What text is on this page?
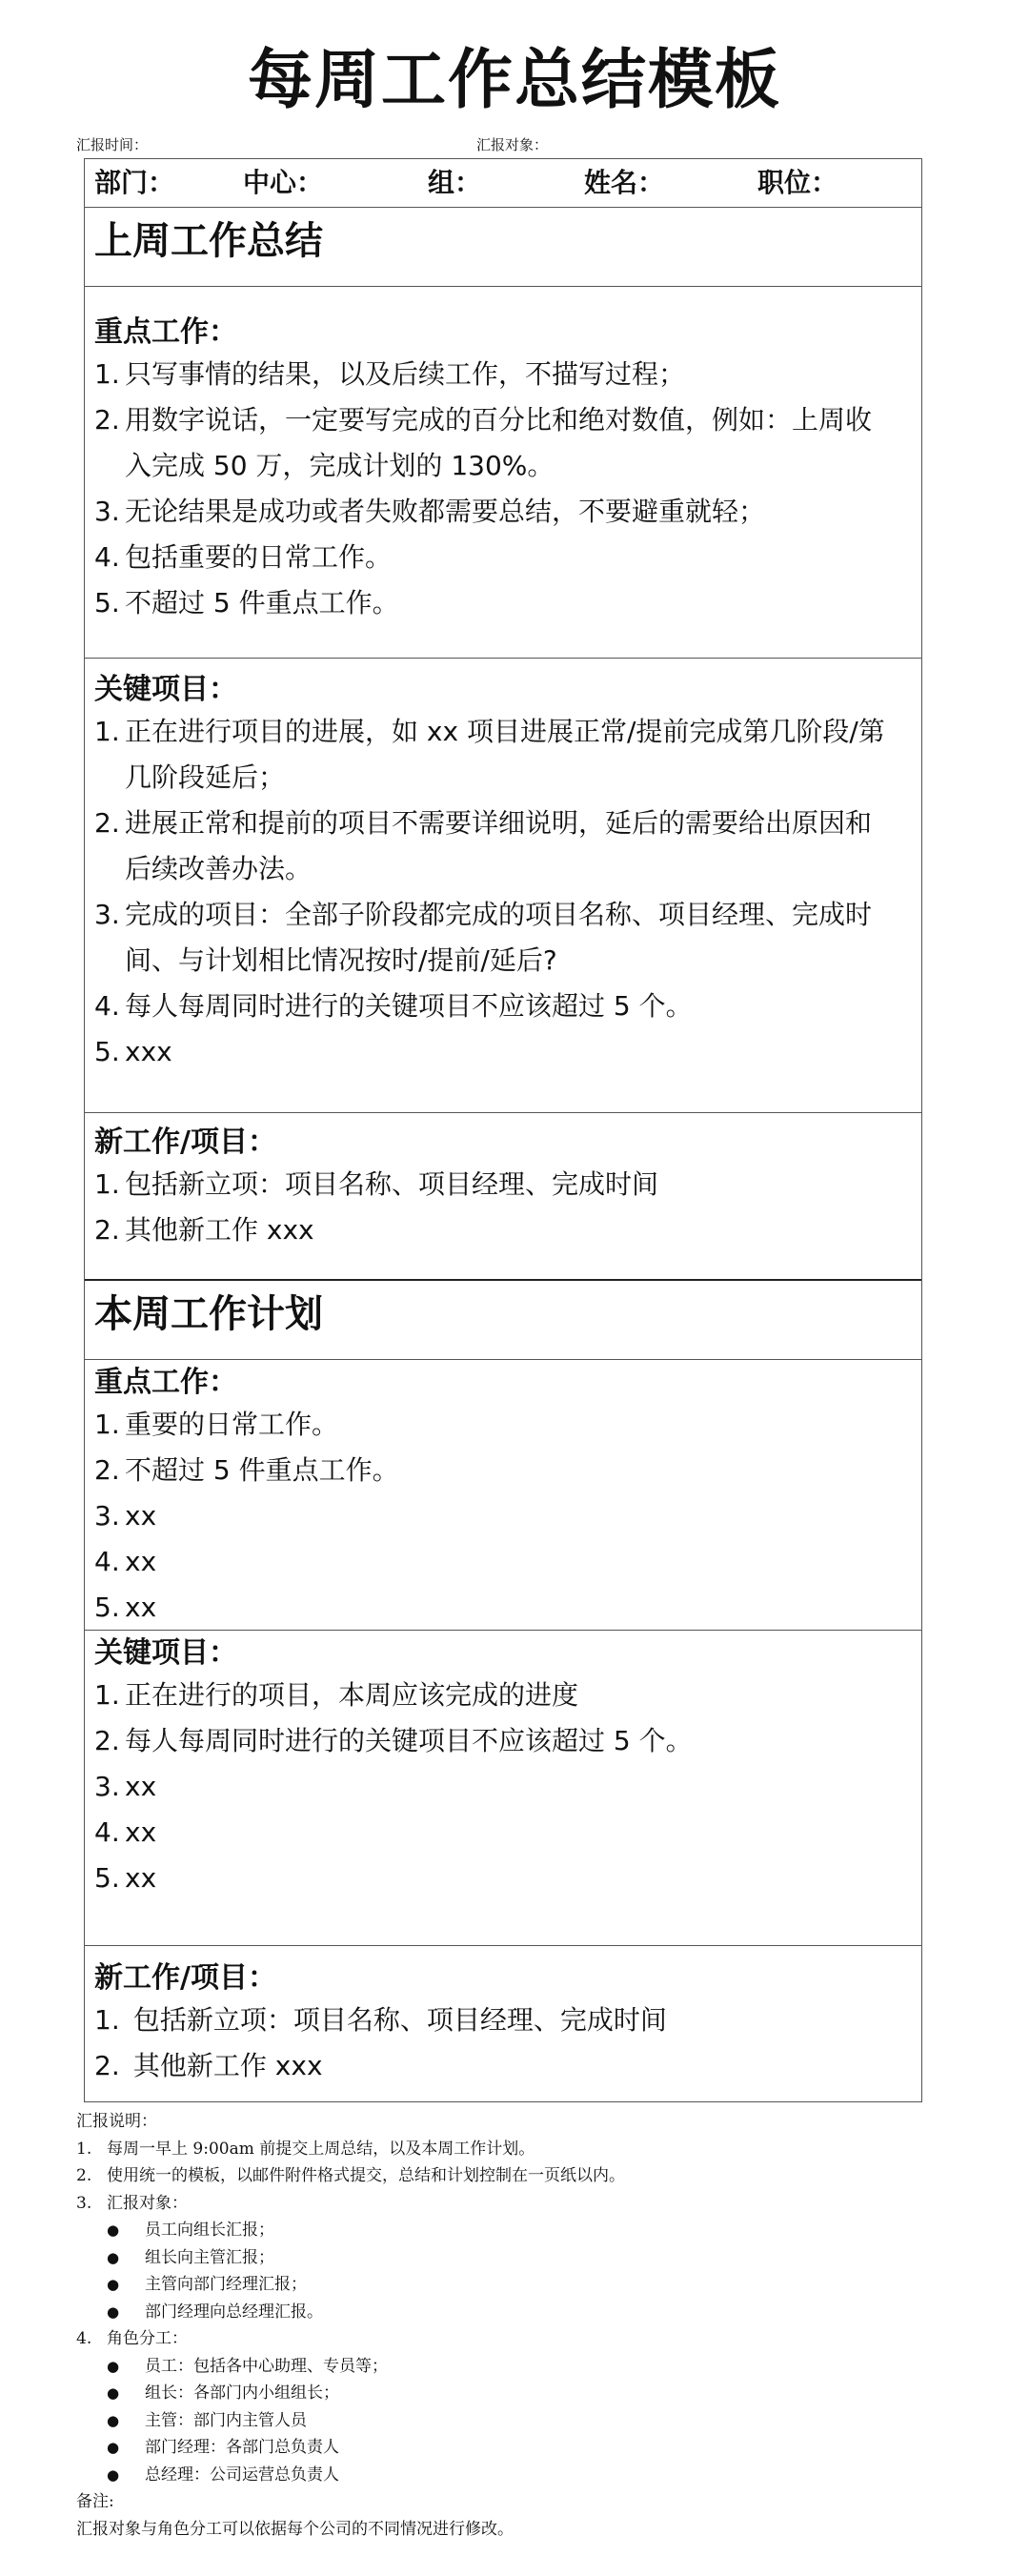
每周工作总结模板
汇报时间：	汇报对象：
部门：	中心：	组：	姓名：	职位：
上周工作总结
重点工作：
1. 只写事情的结果，以及后续工作，不描写过程；
2. 用数字说话，一定要写完成的百分比和绝对数值，例如：上周收
入完成 50 万，完成计划的 130%。
3. 无论结果是成功或者失败都需要总结，不要避重就轻；
4. 包括重要的日常工作。
5. 不超过 5 件重点工作。
关键项目：
1. 正在进行项目的进展，如 xx 项目进展正常/提前完成第几阶段/第
几阶段延后；
2. 进展正常和提前的项目不需要详细说明，延后的需要给出原因和
后续改善办法。
3. 完成的项目：全部子阶段都完成的项目名称、项目经理、完成时
间、与计划相比情况按时/提前/延后?
4. 每人每周同时进行的关键项目不应该超过 5 个。
5. xxx
新工作/项目：
1. 包括新立项：项目名称、项目经理、完成时间
2. 其他新工作 xxx
本周工作计划
重点工作：
1. 重要的日常工作。
2. 不超过 5 件重点工作。
3. xx
4. xx
5. xx
关键项目：
1. 正在进行的项目，本周应该完成的进度
2. 每人每周同时进行的关键项目不应该超过 5 个。
3. xx
4. xx
5. xx
新工作/项目：
1. 包括新立项：项目名称、项目经理、完成时间
2. 其他新工作 xxx
汇报说明：
1. 每周一早上 9:00am 前提交上周总结，以及本周工作计划。
2. 使用统一的模板，以邮件附件格式提交，总结和计划控制在一页纸以内。
3. 汇报对象：
● 员工向组长汇报；
● 组长向主管汇报；
● 主管向部门经理汇报；
● 部门经理向总经理汇报。
4. 角色分工：
● 员工：包括各中心助理、专员等；
● 组长：各部门内小组组长；
● 主管：部门内主管人员
● 部门经理：各部门总负责人
● 总经理：公司运营总负责人
备注:
汇报对象与角色分工可以依据每个公司的不同情况进行修改。
